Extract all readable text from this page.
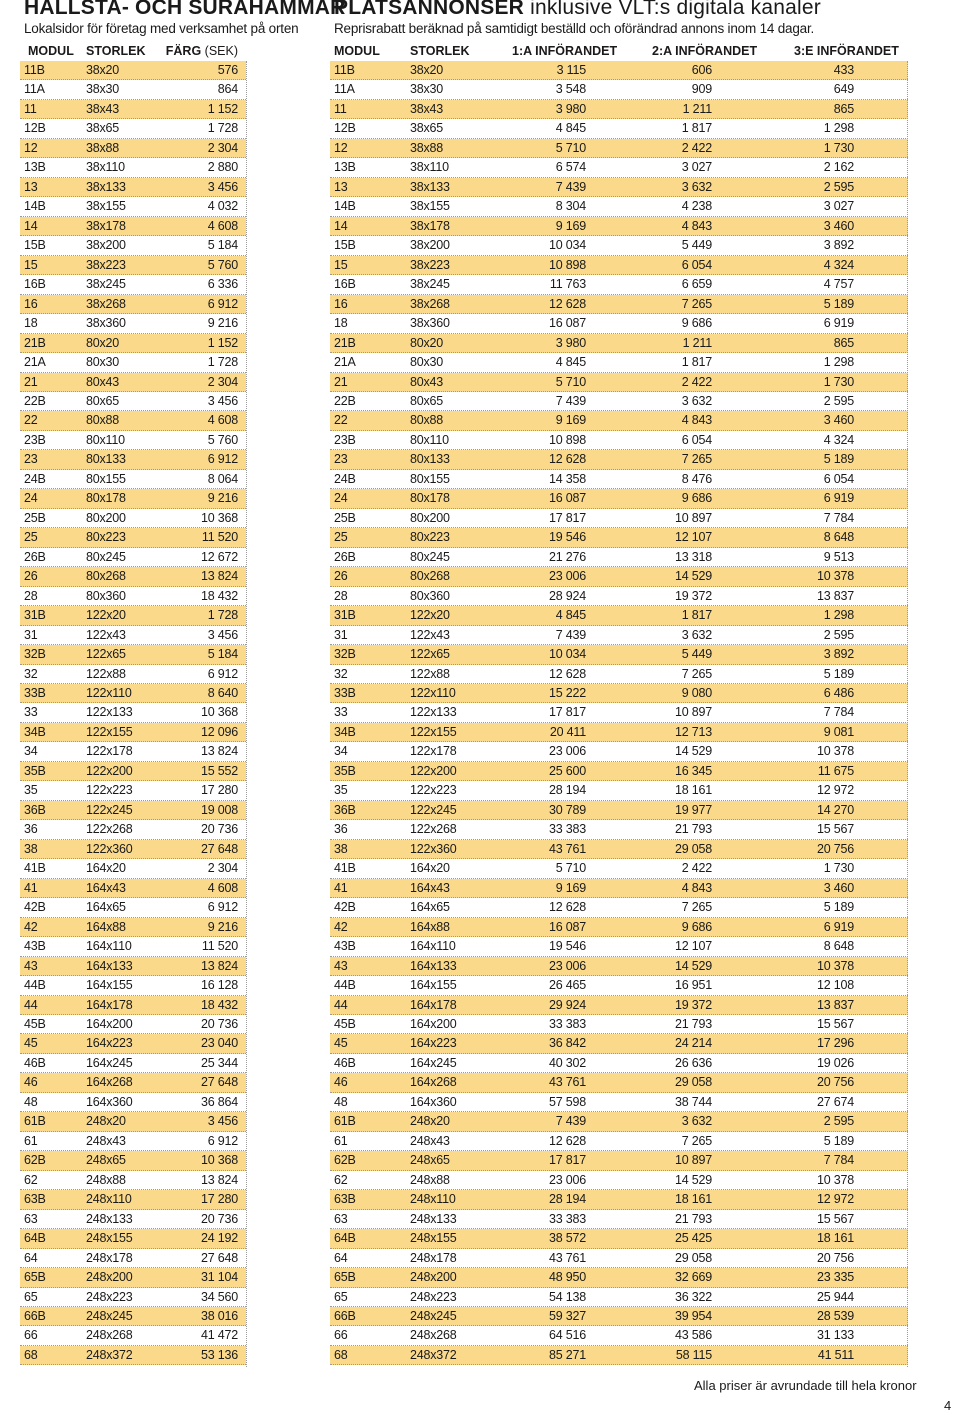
HALLSTA- OCH SURAHAMMAR
Lokalsidor för företag med verksamhet på orten
MODUL STORLEK FÄRG (SEK)
PLATSANNONSER inklusive VLT:s digitala kanaler
Reprisrabatt beräknad på samtidigt beställd och oförändrad annons inom 14 dagar.
MODUL STORLEK	1:A INFÖRANDET	2:A INFÖRANDET	3:E INFÖRANDET
11B	38x20	576
11A	38x30	864
11	38x43	1 152
12B	38x65	1 728
12	38x88	2 304
13B	38x110	2 880
13	38x133	3 456
14B	38x155	4 032
14	38x178	4 608
15B	38x200	5 184
15	38x223	5 760
16B	38x245	6 336
16	38x268	6 912
18	38x360	9 216
21B	80x20	1 152
21A	80x30	1 728
21	80x43	2 304
22B	80x65	3 456
22	80x88	4 608
23B	80x110	5 760
23	80x133	6 912
24B	80x155	8 064
24	80x178	9 216
25B	80x200	10 368
25	80x223	11 520
26B	80x245	12 672
26	80x268	13 824
28	80x360	18 432
31B	122x20	1 728
31	122x43	3 456
32B	122x65	5 184
32	122x88	6 912
33B	122x110	8 640
33	122x133	10 368
34B	122x155	12 096
34	122x178	13 824
35B	122x200	15 552
35	122x223	17 280
36B	122x245	19 008
36	122x268	20 736
38	122x360	27 648
41B	164x20	2 304
41	164x43	4 608
42B	164x65	6 912
42	164x88	9 216
43B	164x110	11 520
43	164x133	13 824
44B	164x155	16 128
44	164x178	18 432
45B	164x200	20 736
45	164x223	23 040
46B	164x245	25 344
46	164x268	27 648
48	164x360	36 864
61B	248x20	3 456
61	248x43	6 912
62B	248x65	10 368
62	248x88	13 824
63B	248x110	17 280
63	248x133	20 736
64B	248x155	24 192
64	248x178	27 648
65B	248x200	31 104
65	248x223	34 560
66B	248x245	38 016
66	248x268	41 472
68	248x372	53 136
11B	38x20	3 115	606	433
11A	38x30	3 548	909	649
11	38x43	3 980	1 211	865
12B	38x65	4 845	1 817	1 298
12	38x88	5 710	2 422	1 730
13B	38x110	6 574	3 027	2 162
13	38x133	7 439	3 632	2 595
14B	38x155	8 304	4 238	3 027
14	38x178	9 169	4 843	3 460
15B	38x200	10 034	5 449	3 892
15	38x223	10 898	6 054	4 324
16B	38x245	11 763	6 659	4 757
16	38x268	12 628	7 265	5 189
18	38x360	16 087	9 686	6 919
21B	80x20	3 980	1 211	865
21A	80x30	4 845	1 817	1 298
21	80x43	5 710	2 422	1 730
22B	80x65	7 439	3 632	2 595
22	80x88	9 169	4 843	3 460
23B	80x110	10 898	6 054	4 324
23	80x133	12 628	7 265	5 189
24B	80x155	14 358	8 476	6 054
24	80x178	16 087	9 686	6 919
25B	80x200	17 817	10 897	7 784
25	80x223	19 546	12 107	8 648
26B	80x245	21 276	13 318	9 513
26	80x268	23 006	14 529	10 378
28	80x360	28 924	19 372	13 837
31B	122x20	4 845	1 817	1 298
31	122x43	7 439	3 632	2 595
32B	122x65	10 034	5 449	3 892
32	122x88	12 628	7 265	5 189
33B	122x110	15 222	9 080	6 486
33	122x133	17 817	10 897	7 784
34B	122x155	20 411	12 713	9 081
34	122x178	23 006	14 529	10 378
35B	122x200	25 600	16 345	11 675
35	122x223	28 194	18 161	12 972
36B	122x245	30 789	19 977	14 270
36	122x268	33 383	21 793	15 567
38	122x360	43 761	29 058	20 756
41B	164x20	5 710	2 422	1 730
41	164x43	9 169	4 843	3 460
42B	164x65	12 628	7 265	5 189
42	164x88	16 087	9 686	6 919
43B	164x110	19 546	12 107	8 648
43	164x133	23 006	14 529	10 378
44B	164x155	26 465	16 951	12 108
44	164x178	29 924	19 372	13 837
45B	164x200	33 383	21 793	15 567
45	164x223	36 842	24 214	17 296
46B	164x245	40 302	26 636	19 026
46	164x268	43 761	29 058	20 756
48	164x360	57 598	38 744	27 674
61B	248x20	7 439	3 632	2 595
61	248x43	12 628	7 265	5 189
62B	248x65	17 817	10 897	7 784
62	248x88	23 006	14 529	10 378
63B	248x110	28 194	18 161	12 972
63	248x133	33 383	21 793	15 567
64B	248x155	38 572	25 425	18 161
64	248x178	43 761	29 058	20 756
65B	248x200	48 950	32 669	23 335
65	248x223	54 138	36 322	25 944
66B	248x245	59 327	39 954	28 539
66	248x268	64 516	43 586	31 133
68	248x372	85 271	58 115	41 511
Alla priser är avrundade till hela kronor
4
